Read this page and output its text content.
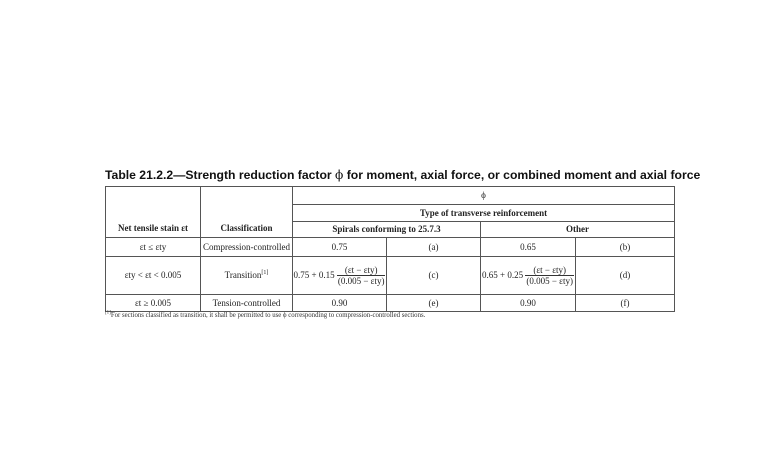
Table 21.2.2—Strength reduction factor ϕ for moment, axial force, or combined moment and axial force
Net tensile stain εt	Classification	ϕ			
		Type of transverse reinforcement			
		Spirals conforming to 25.7.3		Other	
εt ≤ εty	Compression-controlled	0.75	(a)	0.65	(b)
εty < εt < 0.005	Transition[1]	$0.75 + 0.15 \frac{\text{(εt − εty)}}{\text{(0.005 − εty)}}$	(c)	$0.65 + 0.25 \frac{\text{(εt − εty)}}{\text{(0.005 − εty)}}$	(d)
εt ≥ 0.005	Tension-controlled	0.90	(e)	0.90	(f)
[1]For sections classified as transition, it shall be permitted to use ϕ corresponding to compression-controlled sections.
